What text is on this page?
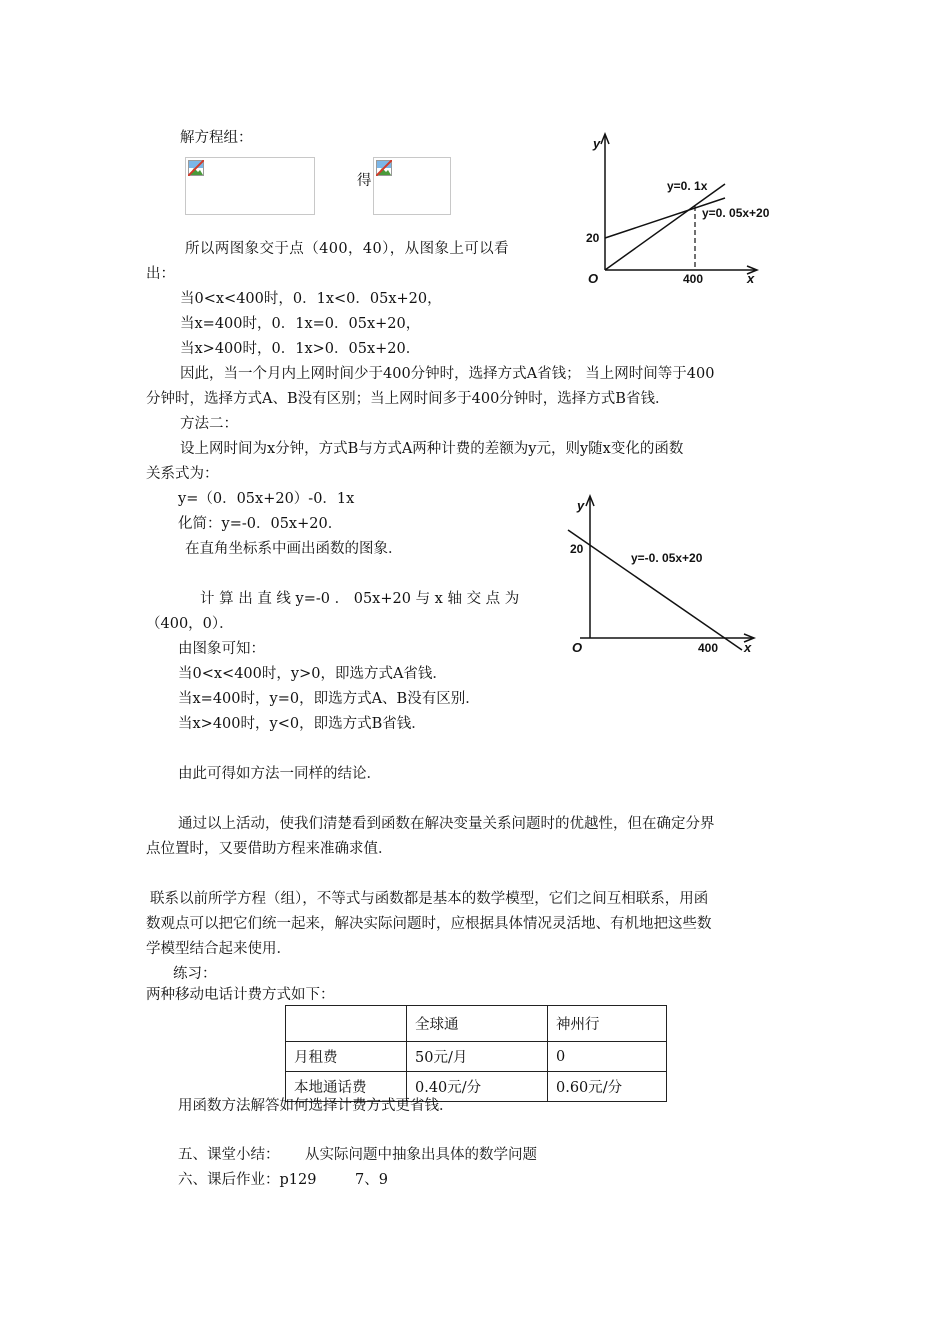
解方程组：
得
所以两图象交于点（400，40），从图象上可以看
出：
当0<x<400时，0．1x<0．05x+20，
当x=400时，0．1x=0．05x+20，
当x>400时，0．1x>0．05x+20．
因此，当一个月内上网时间少于400分钟时，选择方式A省钱； 当上网时间等于400
分钟时，选择方式A、B没有区别；当上网时间多于400分钟时，选择方式B省钱．
y
x
O
20
400
y=0. 1x
y=0. 05x+20
方法二：
设上网时间为x分钟，方式B与方式A两种计费的差额为y元，则y随x变化的函数
关系式为：
y=（0．05x+20）-0．1x
化简：y=-0．05x+20．
在直角坐标系中画出函数的图象．
计 算 出 直 线 y=-0 ． 05x+20 与 x 轴 交 点 为
（400，0）．
由图象可知：
当0<x<400时，y>0，即选方式A省钱．
当x=400时，y=0，即选方式A、B没有区别．
当x>400时，y<0，即选方式B省钱．
由此可得如方法一同样的结论．
y
x
O
20
400
y=-0. 05x+20
通过以上活动，使我们清楚看到函数在解决变量关系问题时的优越性，但在确定分界
点位置时，又要借助方程来准确求值．
联系以前所学方程（组），不等式与函数都是基本的数学模型，它们之间互相联系，用函
数观点可以把它们统一起来，解决实际问题时，应根据具体情况灵活地、有机地把这些数
学模型结合起来使用．
练习：
两种移动电话计费方式如下：
	全球通	神州行
月租费	50元/月	0
本地通话费	0.40元/分	0.60元/分
用函数方法解答如何选择计费方式更省钱．
五、课堂小结： 从实际问题中抽象出具体的数学问题
六、课后作业：p129	7、9
